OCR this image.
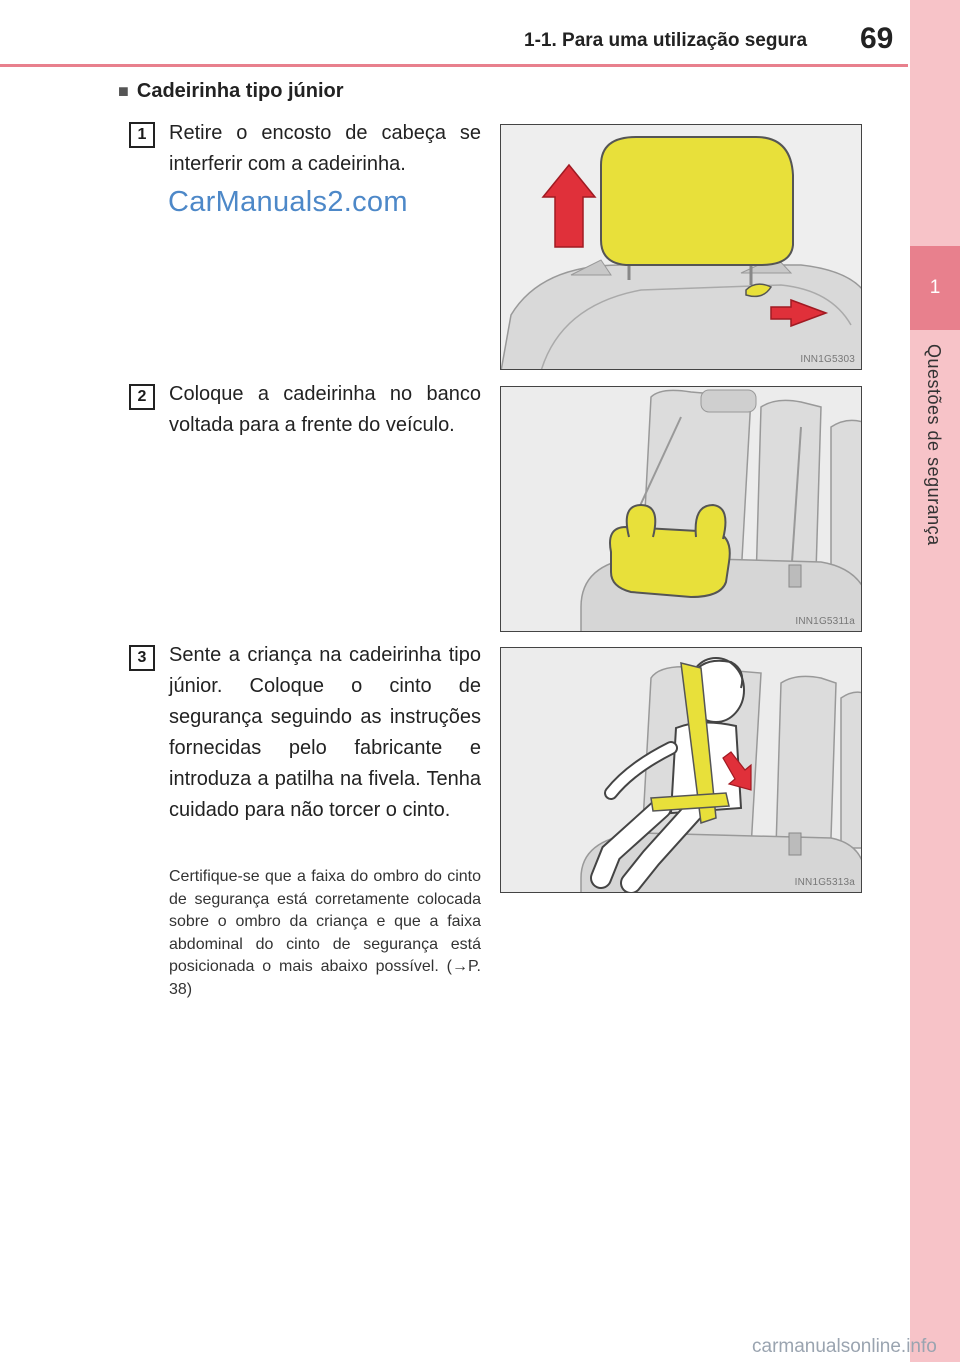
1
Questões de segurança
1-1. Para uma utilização segura	69
■ Cadeirinha tipo júnior
1	Retire o encosto de cabeça se interferir com a cadeirinha.
CarManuals2.com
INN1G5303
2	Coloque a cadeirinha no banco voltada para a frente do veículo.
INN1G5311a
3	Sente a criança na cadeirinha tipo júnior. Coloque o cinto de segurança seguindo as instruções fornecidas pelo fabricante e introduza a patilha na fivela. Tenha cuidado para não torcer o cinto.
INN1G5313a
Certifique-se que a faixa do ombro do cinto de segurança está corretamente colocada sobre o ombro da criança e que a faixa abdominal do cinto de segurança está posicionada o mais abaixo possível. (→P. 38)
carmanualsonline.info
